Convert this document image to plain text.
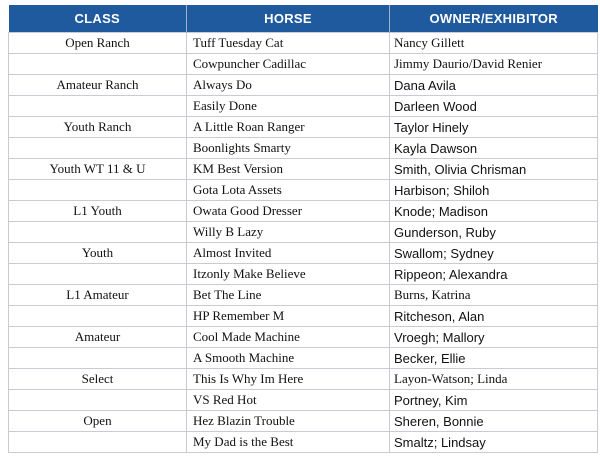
CLASS	HORSE	OWNER/EXHIBITOR
Open Ranch	Tuff Tuesday Cat	Nancy Gillett
	Cowpuncher Cadillac	Jimmy Daurio/David Renier
Amateur Ranch	Always Do	Dana Avila
	Easily Done	Darleen Wood
Youth Ranch	A Little Roan Ranger	Taylor Hinely
	Boonlights Smarty	Kayla Dawson
Youth WT 11 & U	KM Best Version	Smith, Olivia Chrisman
	Gota Lota Assets	Harbison; Shiloh
L1 Youth	Owata Good Dresser	Knode; Madison
	Willy B Lazy	Gunderson, Ruby
Youth	Almost Invited	Swallom; Sydney
	Itzonly Make Believe	Rippeon; Alexandra
L1 Amateur	Bet The Line	Burns, Katrina
	HP Remember M	Ritcheson, Alan
Amateur	Cool Made Machine	Vroegh; Mallory
	A Smooth Machine	Becker, Ellie
Select	This Is Why Im Here	Layon-Watson; Linda
	VS Red Hot	Portney, Kim
Open	Hez Blazin Trouble	Sheren, Bonnie
	My Dad is the Best	Smaltz; Lindsay
